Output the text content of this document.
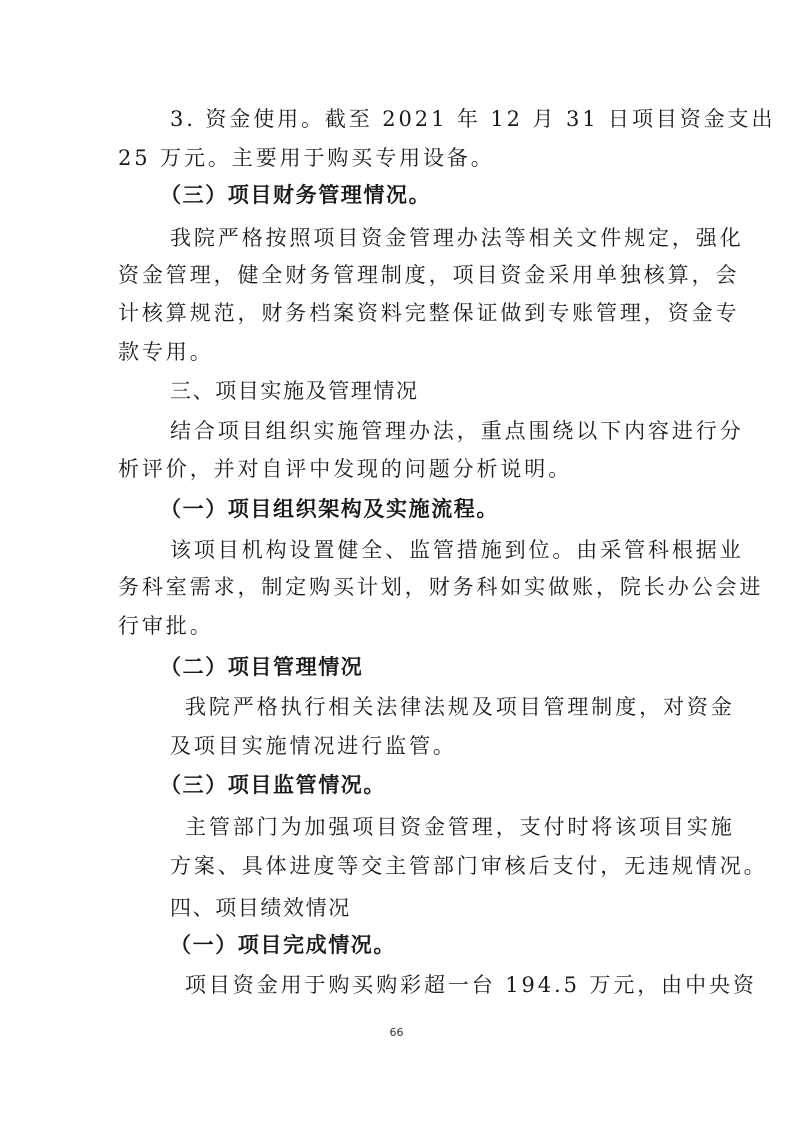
3. 资金使用。截至 2021 年 12 月 31 日项目资金支出
25 万元。主要用于购买专用设备。
（三）项目财务管理情况。
我院严格按照项目资金管理办法等相关文件规定，强化
资金管理，健全财务管理制度，项目资金采用单独核算，会
计核算规范，财务档案资料完整保证做到专账管理，资金专
款专用。
三、项目实施及管理情况
结合项目组织实施管理办法，重点围绕以下内容进行分
析评价，并对自评中发现的问题分析说明。
（一）项目组织架构及实施流程。
该项目机构设置健全、监管措施到位。由采管科根据业
务科室需求，制定购买计划，财务科如实做账，院长办公会进
行审批。
（二）项目管理情况
我院严格执行相关法律法规及项目管理制度，对资金
及项目实施情况进行监管。
（三）项目监管情况。
主管部门为加强项目资金管理，支付时将该项目实施
方案、具体进度等交主管部门审核后支付，无违规情况。
四、项目绩效情况
（一）项目完成情况。
项目资金用于购买购彩超一台 194.5 万元，由中央资
66
